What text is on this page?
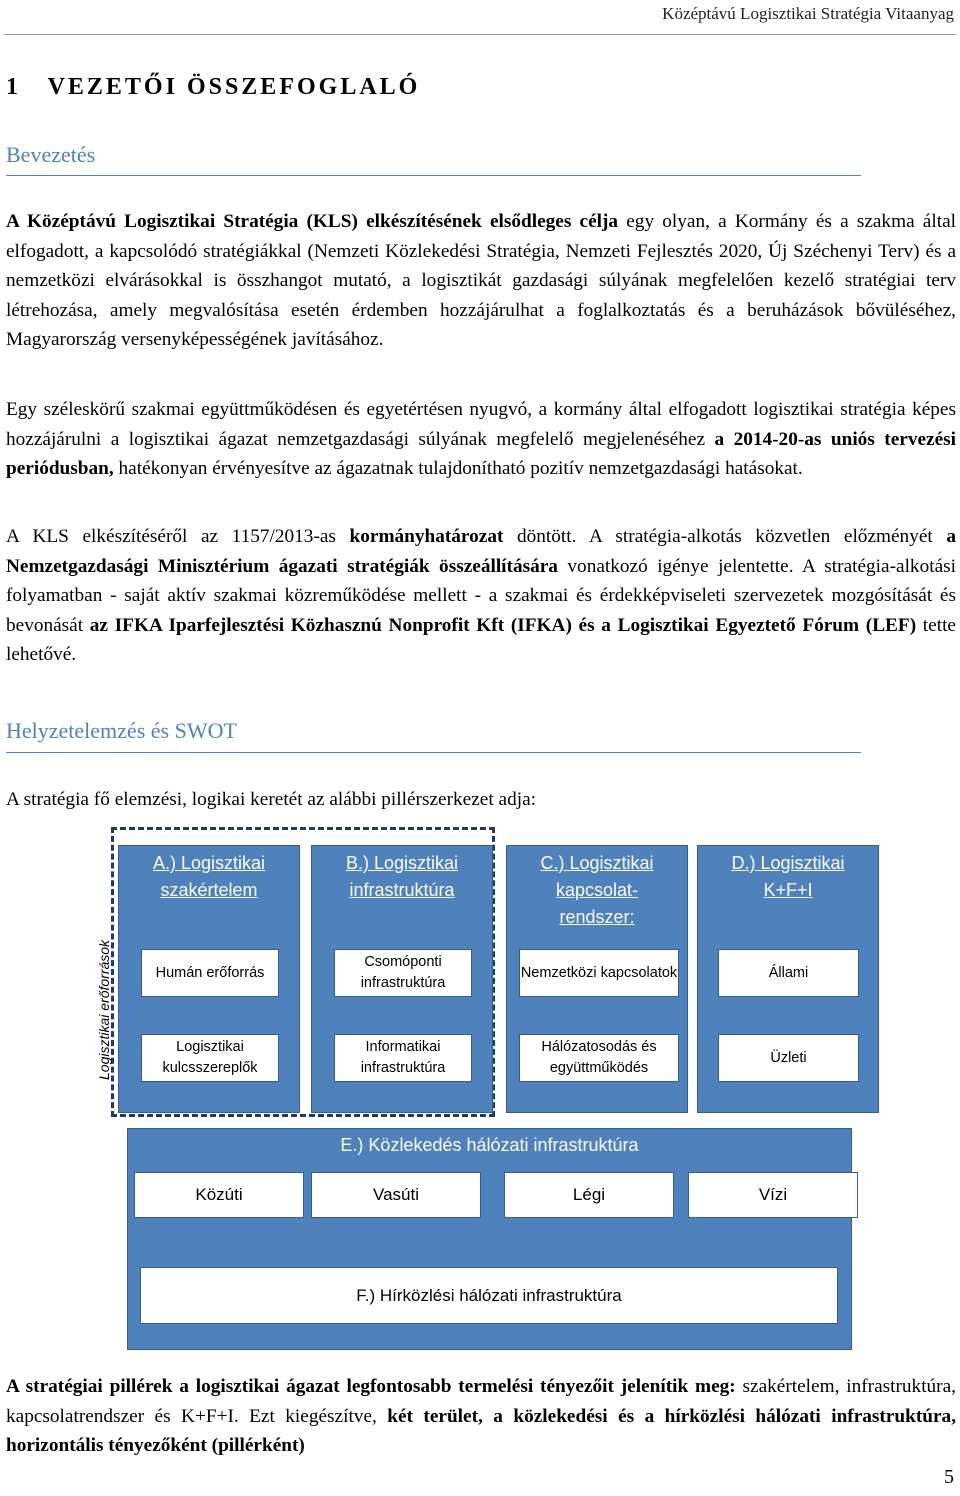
Középtávú Logisztikai Stratégia Vitaanyag
1   VEZETŐI ÖSSZEFOGLALÓ
Bevezetés
A Középtávú Logisztikai Stratégia (KLS) elkészítésének elsődleges célja egy olyan, a Kormány és a szakma által elfogadott, a kapcsolódó stratégiákkal (Nemzeti Közlekedési Stratégia, Nemzeti Fejlesztés 2020, Új Széchenyi Terv) és a nemzetközi elvárásokkal is összhangot mutató, a logisztikát gazdasági súlyának megfelelően kezelő stratégiai terv létrehozása, amely megvalósítása esetén érdemben hozzájárulhat a foglalkoztatás és a beruházások bővüléséhez, Magyarország versenyképességének javításához.
Egy széleskörű szakmai együttműködésen és egyetértésen nyugvó, a kormány által elfogadott logisztikai stratégia képes hozzájárulni a logisztikai ágazat nemzetgazdasági súlyának megfelelő megjelenéséhez a 2014-20-as uniós tervezési periódusban, hatékonyan érvényesítve az ágazatnak tulajdonítható pozitív nemzetgazdasági hatásokat.
A KLS elkészítéséről az 1157/2013-as kormányhatározat döntött. A stratégia-alkotás közvetlen előzményét a Nemzetgazdasági Minisztérium ágazati stratégiák összeállítására vonatkozó igénye jelentette. A stratégia-alkotási folyamatban - saját aktív szakmai közreműködése mellett - a szakmai és érdekképviseleti szervezetek mozgósítását és bevonását az IFKA Iparfejlesztési Közhasznú Nonprofit Kft (IFKA) és a Logisztikai Egyeztető Fórum (LEF) tette lehetővé.
Helyzetelemzés és SWOT
A stratégia fő elemzési, logikai keretét az alábbi pillérszerkezet adja:
Logisztikai erőforrások
A.) Logisztikai szakértelem
Humán erőforrás
Logisztikai kulcsszereplők
B.) Logisztikai infrastruktúra
Csomóponti infrastruktúra
Informatikai infrastruktúra
C.) Logisztikai kapcsolat-rendszer:
Nemzetközi kapcsolatok
Hálózatosodás és együttműködés
D.) Logisztikai K+F+I
Állami
Üzleti
E.) Közlekedés hálózati infrastruktúra
Közúti	Vasúti	Légi	Vízi
F.) Hírközlési hálózati infrastruktúra
A stratégiai pillérek a logisztikai ágazat legfontosabb termelési tényezőit jelenítik meg: szakértelem, infrastruktúra, kapcsolatrendszer és K+F+I. Ezt kiegészítve, két terület, a közlekedési és a hírközlési hálózati infrastruktúra, horizontális tényezőként (pillérként)
5
